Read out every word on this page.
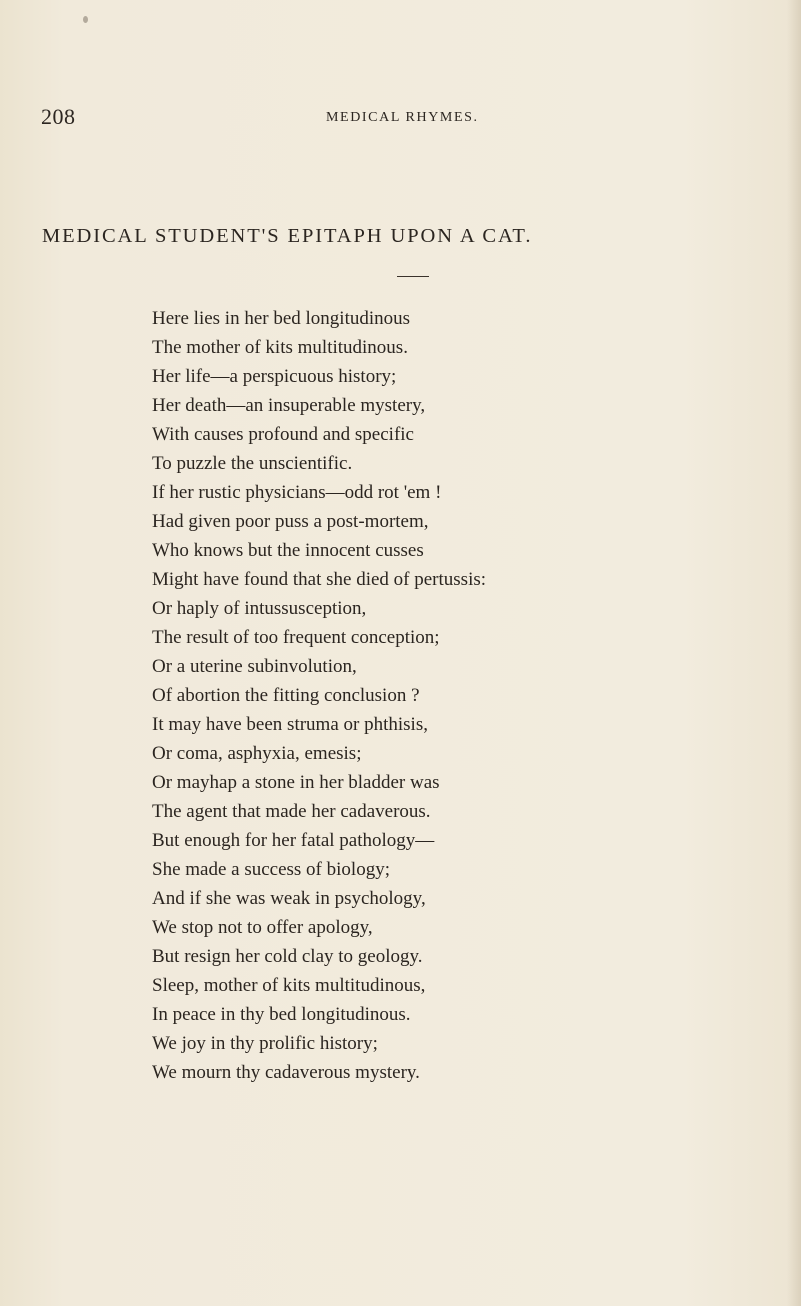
208	MEDICAL RHYMES.
MEDICAL STUDENT'S EPITAPH UPON A CAT.
Here lies in her bed longitudinous
The mother of kits multitudinous.
Her life—a perspicuous history;
Her death—an insuperable mystery,
With causes profound and specific
To puzzle the unscientific.
If her rustic physicians—odd rot 'em !
Had given poor puss a post-mortem,
Who knows but the innocent cusses
Might have found that she died of pertussis:
Or haply of intussusception,
The result of too frequent conception;
Or a uterine subinvolution,
Of abortion the fitting conclusion ?
It may have been struma or phthisis,
Or coma, asphyxia, emesis;
Or mayhap a stone in her bladder was
The agent that made her cadaverous.
But enough for her fatal pathology—
She made a success of biology;
And if she was weak in psychology,
We stop not to offer apology,
But resign her cold clay to geology.
Sleep, mother of kits multitudinous,
In peace in thy bed longitudinous.
We joy in thy prolific history;
We mourn thy cadaverous mystery.
